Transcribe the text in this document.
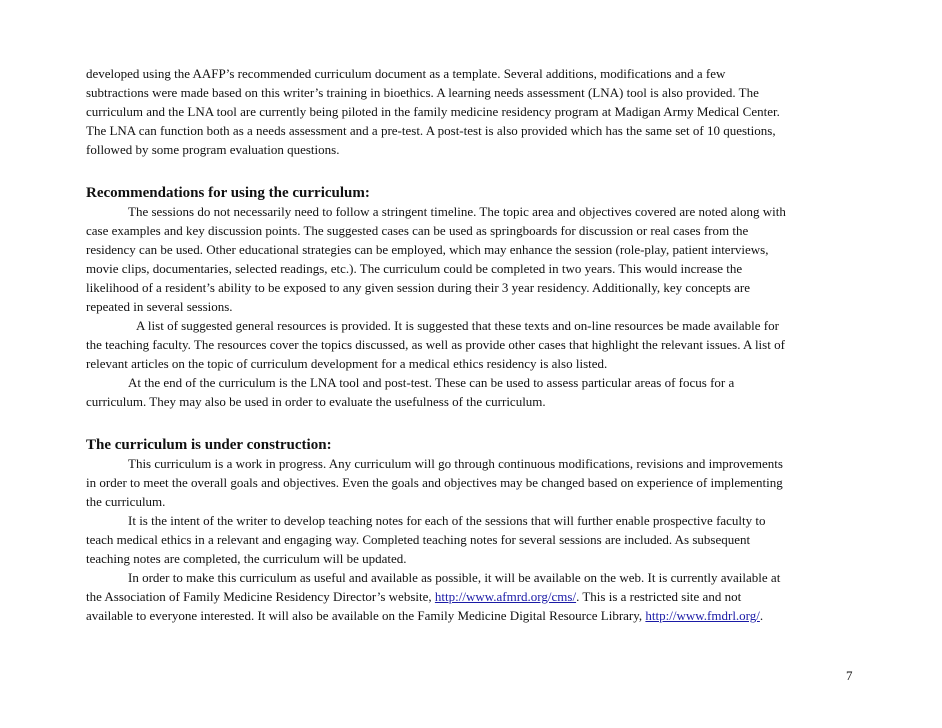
developed using the AAFP’s recommended curriculum document as a template. Several additions, modifications and a few
subtractions were made based on this writer’s training in bioethics. A learning needs assessment (LNA) tool is also provided. The
curriculum and the LNA tool are currently being piloted in the family medicine residency program at Madigan Army Medical Center.
The LNA can function both as a needs assessment and a pre-test. A post-test is also provided which has the same set of 10 questions,
followed by some program evaluation questions.
Recommendations for using the curriculum:
The sessions do not necessarily need to follow a stringent timeline. The topic area and objectives covered are noted along with
case examples and key discussion points. The suggested cases can be used as springboards for discussion or real cases from the
residency can be used. Other educational strategies can be employed, which may enhance the session (role-play, patient interviews,
movie clips, documentaries, selected readings, etc.). The curriculum could be completed in two years. This would increase the
likelihood of a resident’s ability to be exposed to any given session during their 3 year residency. Additionally, key concepts are
repeated in several sessions.
A list of suggested general resources is provided. It is suggested that these texts and on-line resources be made available for
the teaching faculty. The resources cover the topics discussed, as well as provide other cases that highlight the relevant issues. A list of
relevant articles on the topic of curriculum development for a medical ethics residency is also listed.
At the end of the curriculum is the LNA tool and post-test. These can be used to assess particular areas of focus for a
curriculum. They may also be used in order to evaluate the usefulness of the curriculum.
The curriculum is under construction:
This curriculum is a work in progress. Any curriculum will go through continuous modifications, revisions and improvements
in order to meet the overall goals and objectives. Even the goals and objectives may be changed based on experience of implementing
the curriculum.
It is the intent of the writer to develop teaching notes for each of the sessions that will further enable prospective faculty to
teach medical ethics in a relevant and engaging way. Completed teaching notes for several sessions are included. As subsequent
teaching notes are completed, the curriculum will be updated.
In order to make this curriculum as useful and available as possible, it will be available on the web. It is currently available at
the Association of Family Medicine Residency Director’s website, http://www.afmrd.org/cms/. This is a restricted site and not
available to everyone interested. It will also be available on the Family Medicine Digital Resource Library, http://www.fmdrl.org/.
7
